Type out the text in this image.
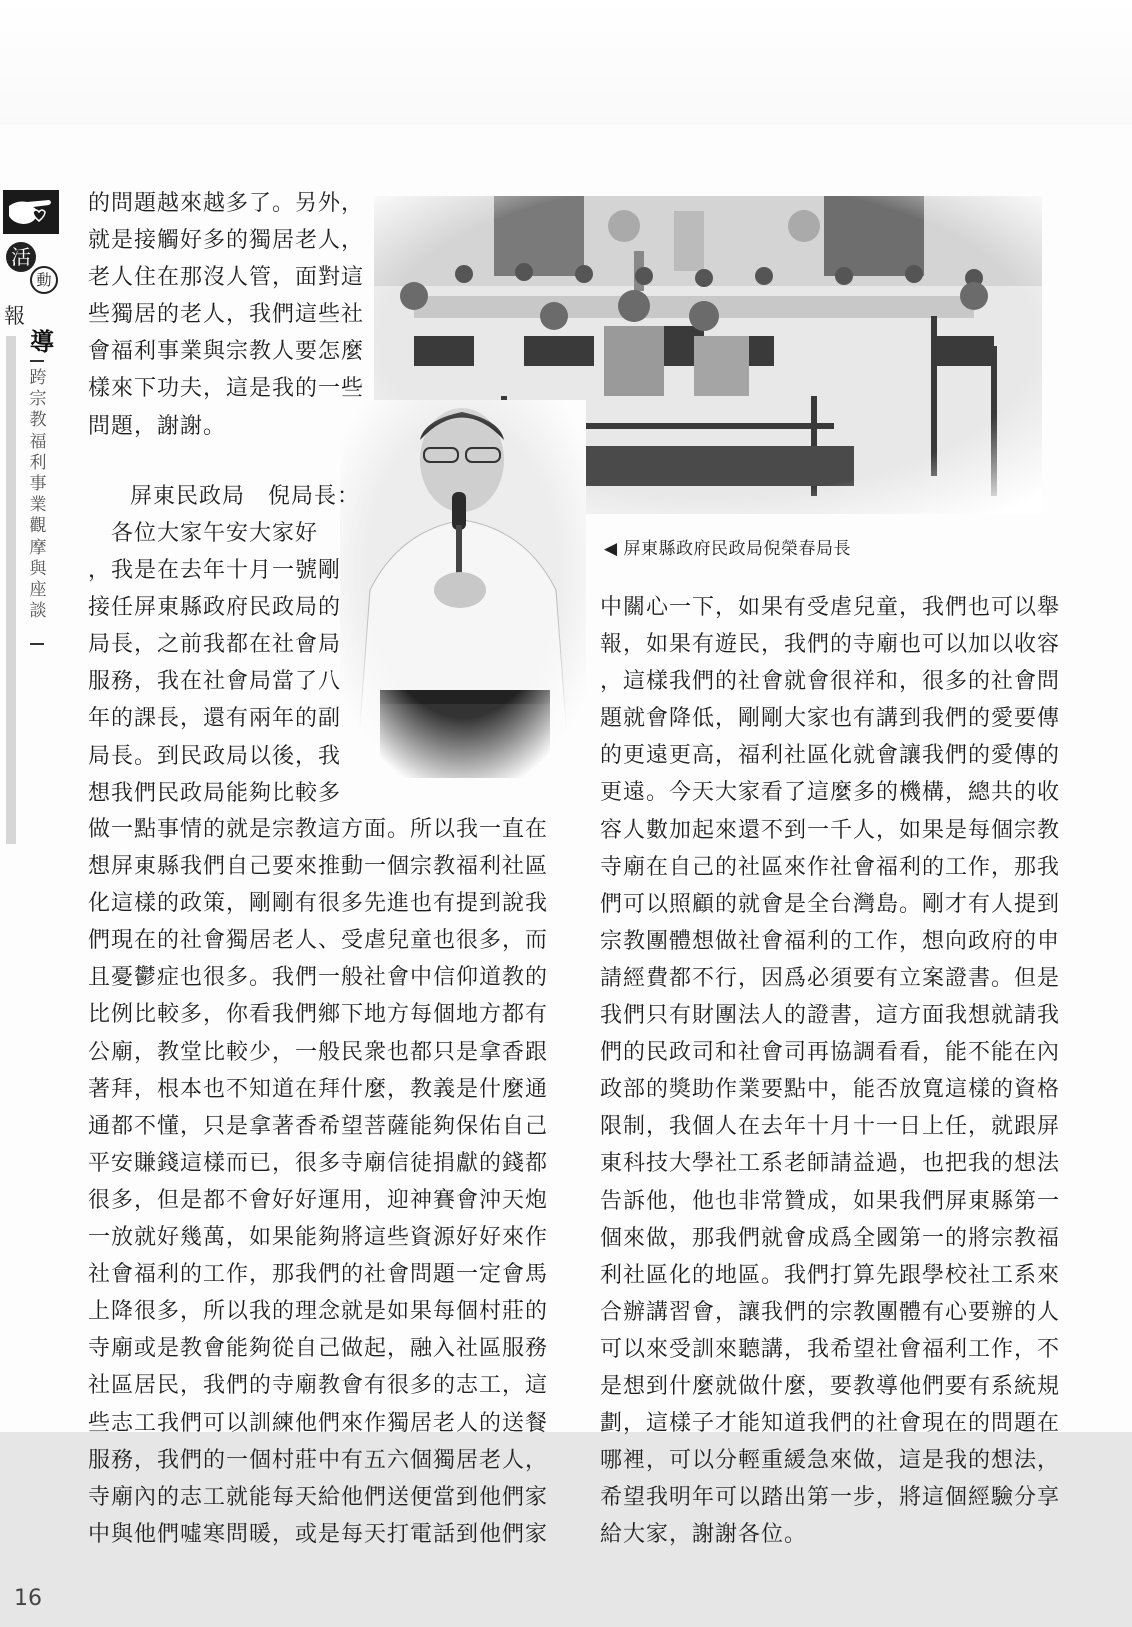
活
動
報
導
跨宗教福利事業觀摩與座談
◀ 屏東縣政府民政局倪榮春局長
的問題越來越多了。另外，
就是接觸好多的獨居老人，
老人住在那沒人管，面對這
些獨居的老人，我們這些社
會福利事業與宗教人要怎麼
樣來下功夫，這是我的一些
問題，謝謝。
屏東民政局　倪局長：
　各位大家午安大家好
，我是在去年十月一號剛
接任屏東縣政府民政局的
局長，之前我都在社會局
服務，我在社會局當了八
年的課長，還有兩年的副
局長。到民政局以後，我
想我們民政局能夠比較多
做一點事情的就是宗教這方面。所以我一直在
想屏東縣我們自己要來推動一個宗教福利社區
化這樣的政策，剛剛有很多先進也有提到說我
們現在的社會獨居老人、受虐兒童也很多，而
且憂鬱症也很多。我們一般社會中信仰道教的
比例比較多，你看我們鄉下地方每個地方都有
公廟，教堂比較少，一般民衆也都只是拿香跟
著拜，根本也不知道在拜什麼，教義是什麼通
通都不懂，只是拿著香希望菩薩能夠保佑自己
平安賺錢這樣而已，很多寺廟信徒捐獻的錢都
很多，但是都不會好好運用，迎神賽會沖天炮
一放就好幾萬，如果能夠將這些資源好好來作
社會福利的工作，那我們的社會問題一定會馬
上降很多，所以我的理念就是如果每個村莊的
寺廟或是教會能夠從自己做起，融入社區服務
社區居民，我們的寺廟教會有很多的志工，這
些志工我們可以訓練他們來作獨居老人的送餐
服務，我們的一個村莊中有五六個獨居老人，
寺廟內的志工就能每天給他們送便當到他們家
中與他們噓寒問暖，或是每天打電話到他們家
中關心一下，如果有受虐兒童，我們也可以舉
報，如果有遊民，我們的寺廟也可以加以收容
，這樣我們的社會就會很祥和，很多的社會問
題就會降低，剛剛大家也有講到我們的愛要傳
的更遠更高，福利社區化就會讓我們的愛傳的
更遠。今天大家看了這麼多的機構，總共的收
容人數加起來還不到一千人，如果是每個宗教
寺廟在自己的社區來作社會福利的工作，那我
們可以照顧的就會是全台灣島。剛才有人提到
宗教團體想做社會福利的工作，想向政府的申
請經費都不行，因爲必須要有立案證書。但是
我們只有財團法人的證書，這方面我想就請我
們的民政司和社會司再協調看看，能不能在內
政部的獎助作業要點中，能否放寬這樣的資格
限制，我個人在去年十月十一日上任，就跟屏
東科技大學社工系老師請益過，也把我的想法
告訴他，他也非常贊成，如果我們屏東縣第一
個來做，那我們就會成爲全國第一的將宗教福
利社區化的地區。我們打算先跟學校社工系來
合辦講習會，讓我們的宗教團體有心要辦的人
可以來受訓來聽講，我希望社會福利工作，不
是想到什麼就做什麼，要教導他們要有系統規
劃，這樣子才能知道我們的社會現在的問題在
哪裡，可以分輕重緩急來做，這是我的想法，
希望我明年可以踏出第一步，將這個經驗分享
給大家，謝謝各位。
16
